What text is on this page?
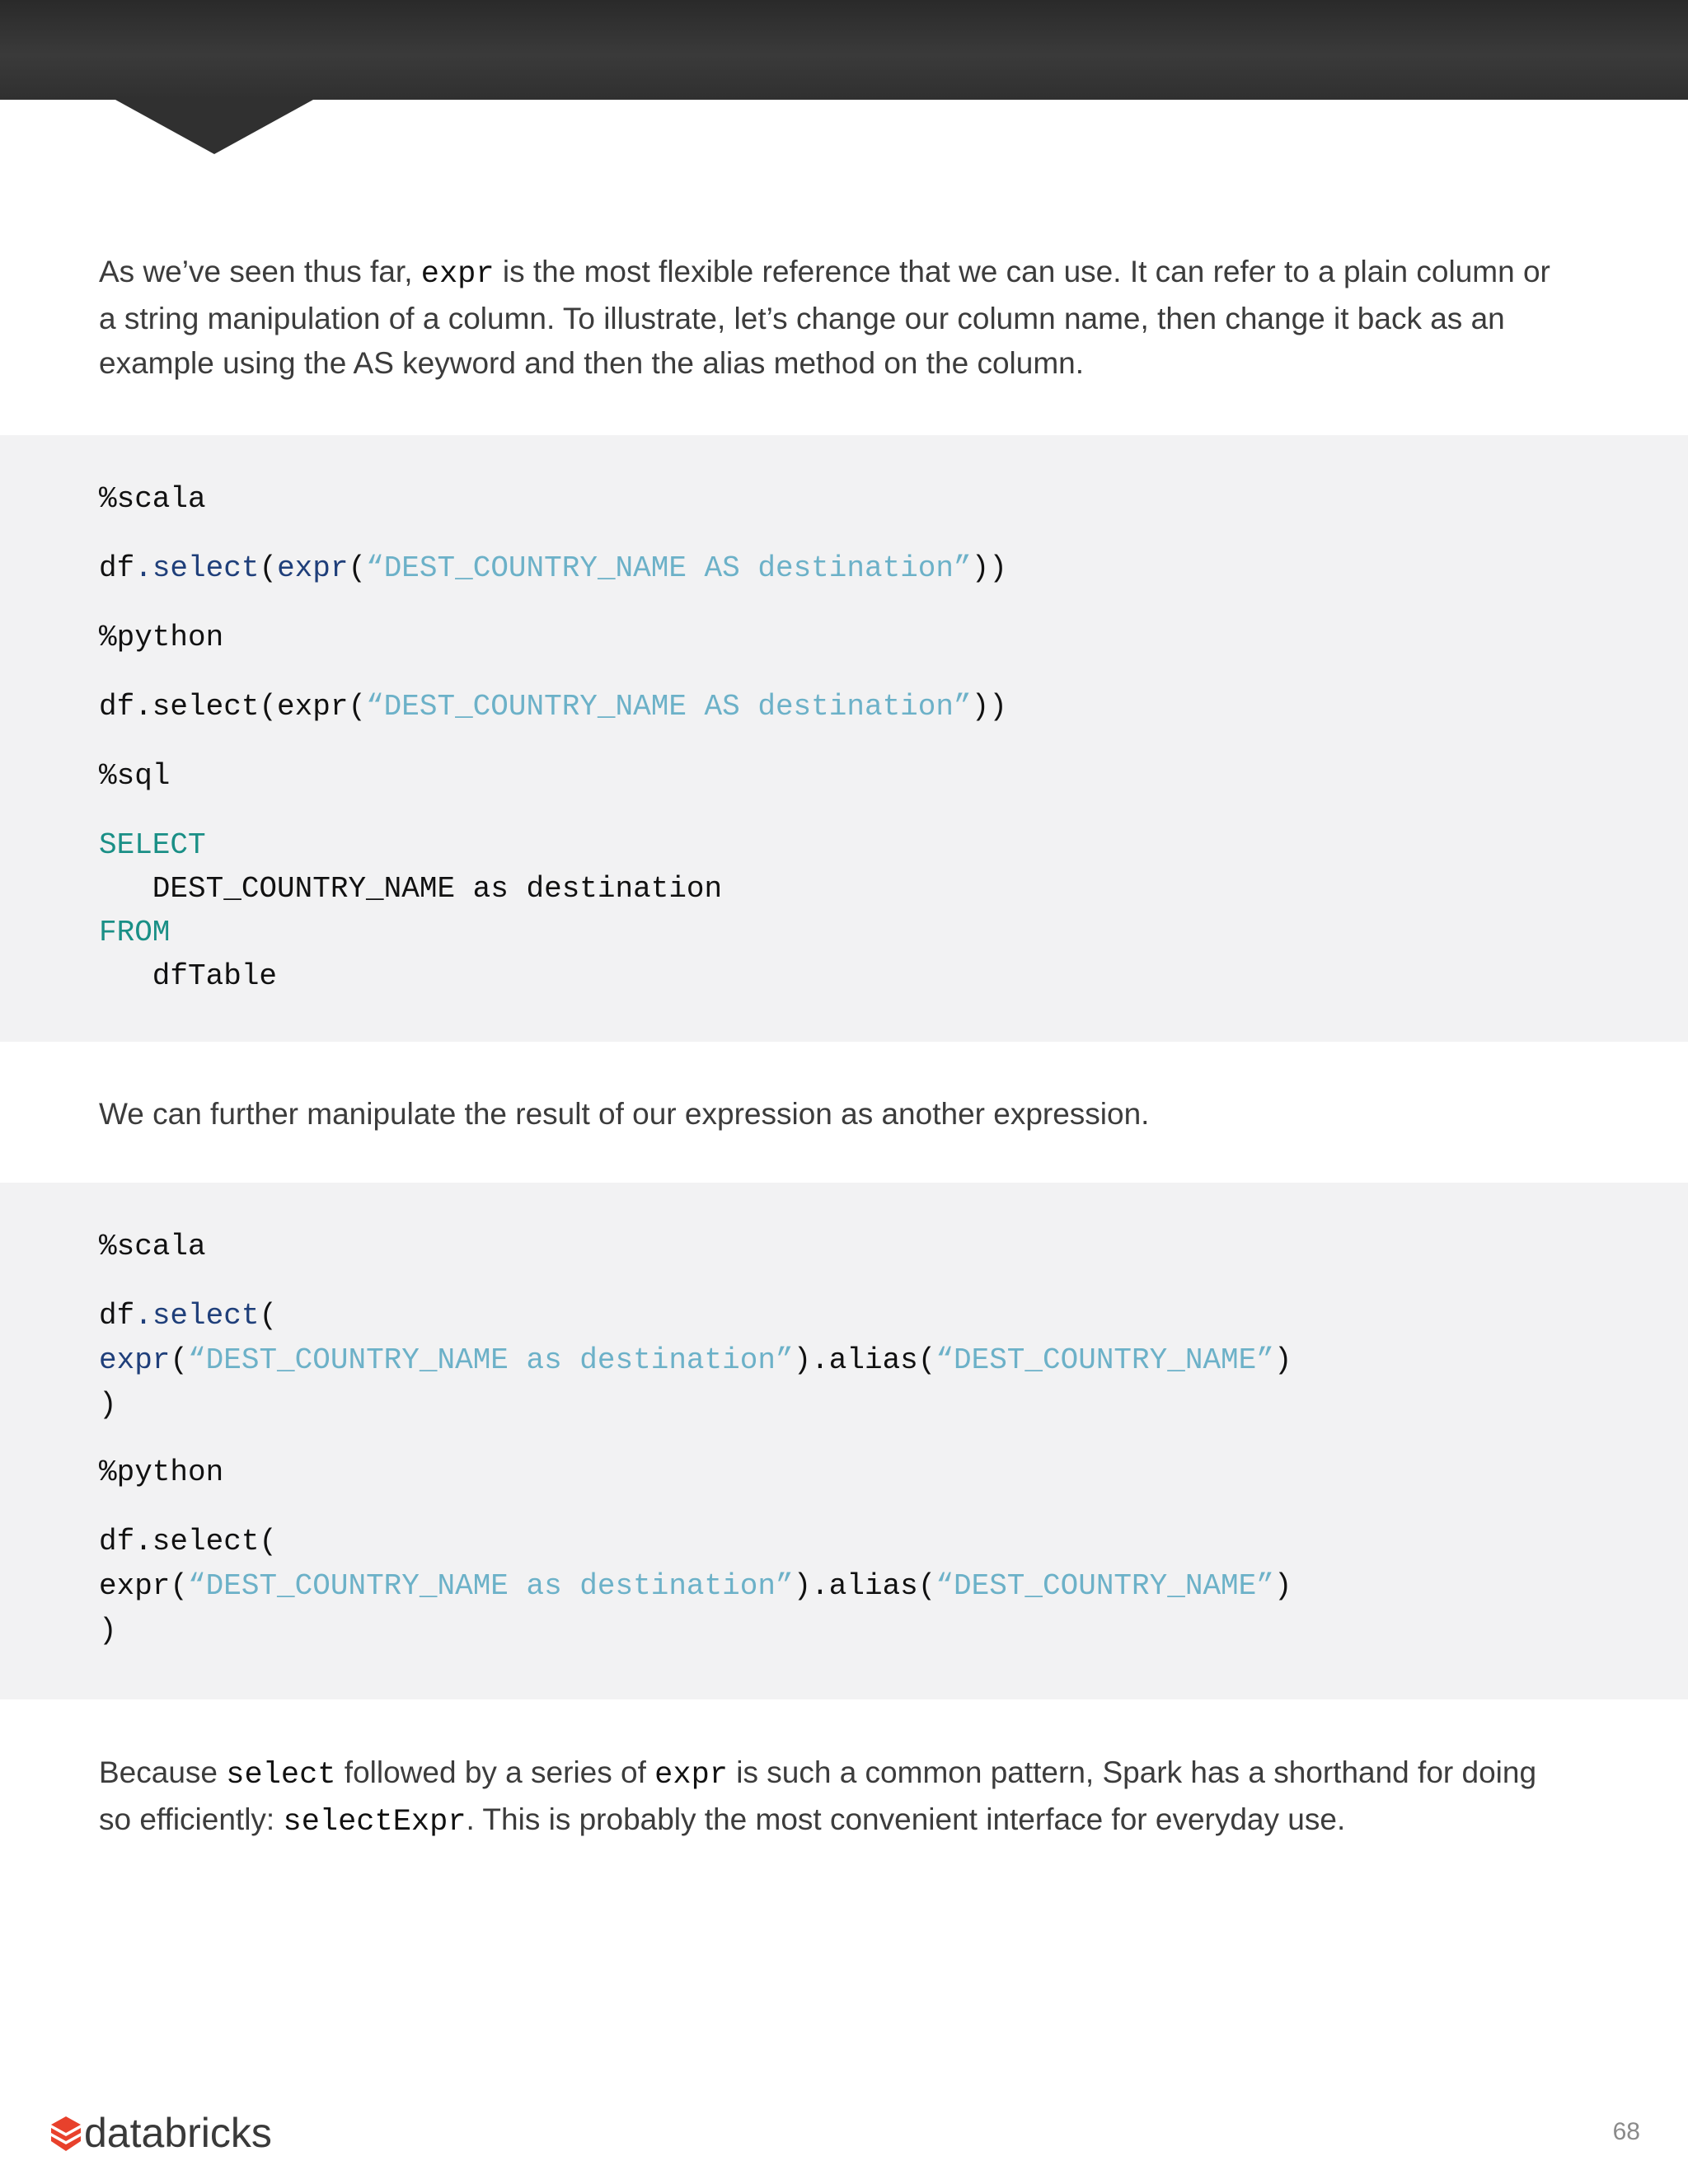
As we’ve seen thus far, expr is the most flexible reference that we can use. It can refer to a plain column or a string manipulation of a column. To illustrate, let’s change our column name, then change it back as an example using the AS keyword and then the alias method on the column.

%scala
df.select(expr(“DEST_COUNTRY_NAME AS destination”))
%python
df.select(expr(“DEST_COUNTRY_NAME AS destination”))
%sql
SELECT
DEST_COUNTRY_NAME as destination
FROM
dfTable

We can further manipulate the result of our expression as another expression.

%scala
df.select(
expr(“DEST_COUNTRY_NAME as destination”).alias(“DEST_COUNTRY_NAME”)
)
%python
df.select(
expr(“DEST_COUNTRY_NAME as destination”).alias(“DEST_COUNTRY_NAME”)
)

Because select followed by a series of expr is such a common pattern, Spark has a shorthand for doing so efficiently: selectExpr. This is probably the most convenient interface for everyday use.

databricks	68
